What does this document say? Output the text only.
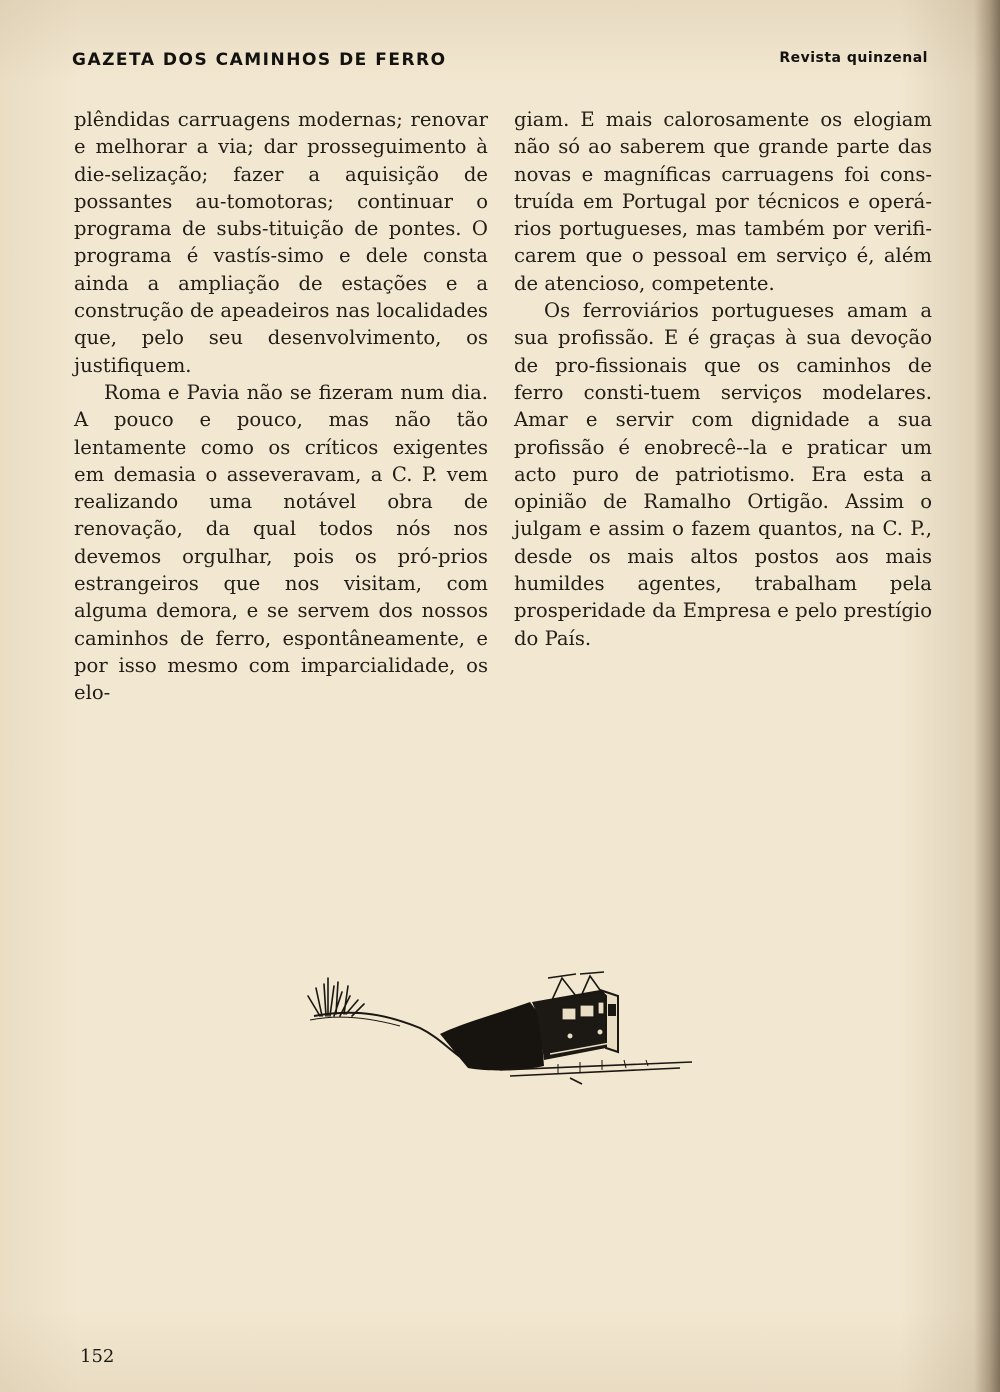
GAZETA DOS CAMINHOS DE FERRO	Revista quinzenal

plêndidas carruagens modernas; renovar e melhorar a via; dar prosseguimento à die-selização; fazer a aquisição de possantes au-tomotoras; continuar o programa de subs-tituição de pontes. O programa é vastís-simo e dele consta ainda a ampliação de estações e a construção de apeadeiros nas localidades que, pelo seu desenvolvimento, os justifiquem.

Roma e Pavia não se fizeram num dia. A pouco e pouco, mas não tão lentamente como os críticos exigentes em demasia o asseveravam, a C. P. vem realizando uma notável obra de renovação, da qual todos nós nos devemos orgulhar, pois os pró-prios estrangeiros que nos visitam, com alguma demora, e se servem dos nossos caminhos de ferro, espontâneamente, e por isso mesmo com imparcialidade, os elo-

giam. E mais calorosamente os elogiam não só ao saberem que grande parte das novas e magníficas carruagens foi cons-truída em Portugal por técnicos e operá-rios portugueses, mas também por verifi-carem que o pessoal em serviço é, além de atencioso, competente.

Os ferroviários portugueses amam a sua profissão. E é graças à sua devoção de pro-fissionais que os caminhos de ferro consti-tuem serviços modelares. Amar e servir com dignidade a sua profissão é enobrecê--la e praticar um acto puro de patriotismo. Era esta a opinião de Ramalho Ortigão. Assim o julgam e assim o fazem quantos, na C. P., desde os mais altos postos aos mais humildes agentes, trabalham pela prosperidade da Empresa e pelo prestígio do País.

152
